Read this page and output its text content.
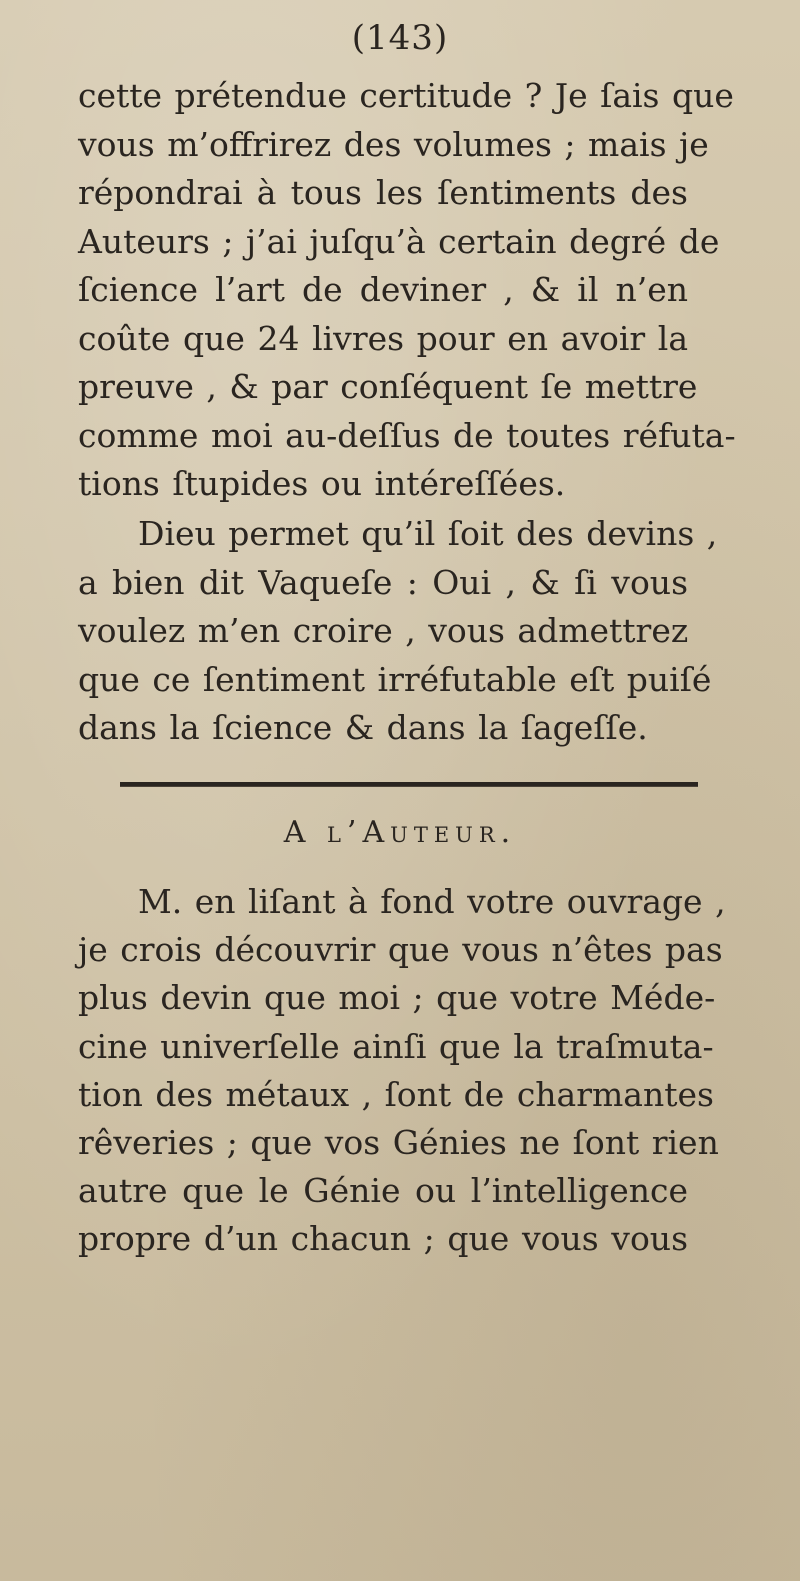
(143)
cette prétendue certitude ? Je ſais que
vous m’offrirez des volumes ; mais je
répondrai à tous les ſentiments des
Auteurs ; j’ai juſqu’à certain degré de
ſcience l’art de deviner , & il n’en
coûte que 24 livres pour en avoir la
preuve , & par conſéquent ſe mettre
comme moi au-deſſus de toutes réfuta-
tions ſtupides ou intéreſſées.
Dieu permet qu’il ſoit des devins ,
a bien dit Vaqueſe : Oui , & ſi vous
voulez m’en croire , vous admettrez
que ce ſentiment irréfutable eſt puiſé
dans la ſcience & dans la ſageſſe.
A l’Auteur.
M. en liſant à fond votre ouvrage ,
je crois découvrir que vous n’êtes pas
plus devin que moi ; que votre Méde-
cine univerſelle ainſi que la traſmuta-
tion des métaux , ſont de charmantes
rêveries ; que vos Génies ne ſont rien
autre que le Génie ou l’intelligence
propre d’un chacun ; que vous vous
